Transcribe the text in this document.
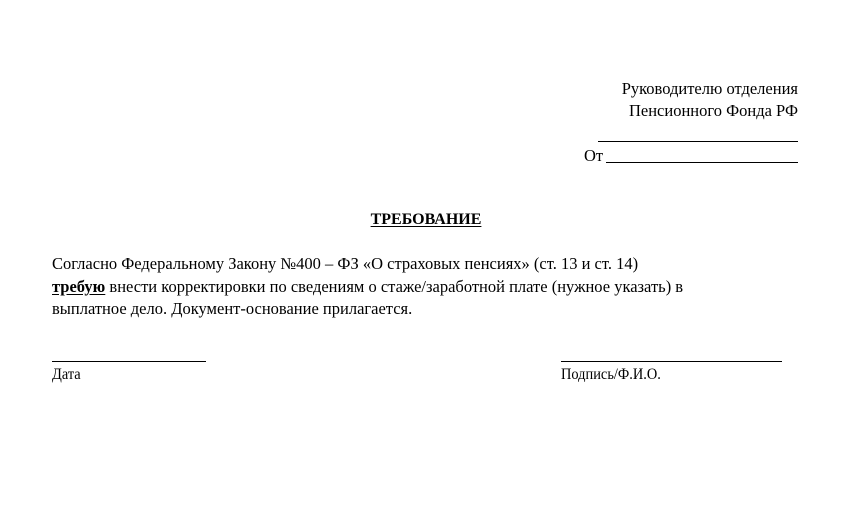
Руководителю отделения
Пенсионного Фонда РФ
От
ТРЕБОВАНИЕ
Согласно Федеральному Закону №400 – ФЗ «О страховых пенсиях» (ст. 13 и ст. 14)
требую внести корректировки по сведениям о стаже/заработной плате (нужное указать) в
выплатное дело. Документ-основание прилагается.
Дата	Подпись/Ф.И.О.
